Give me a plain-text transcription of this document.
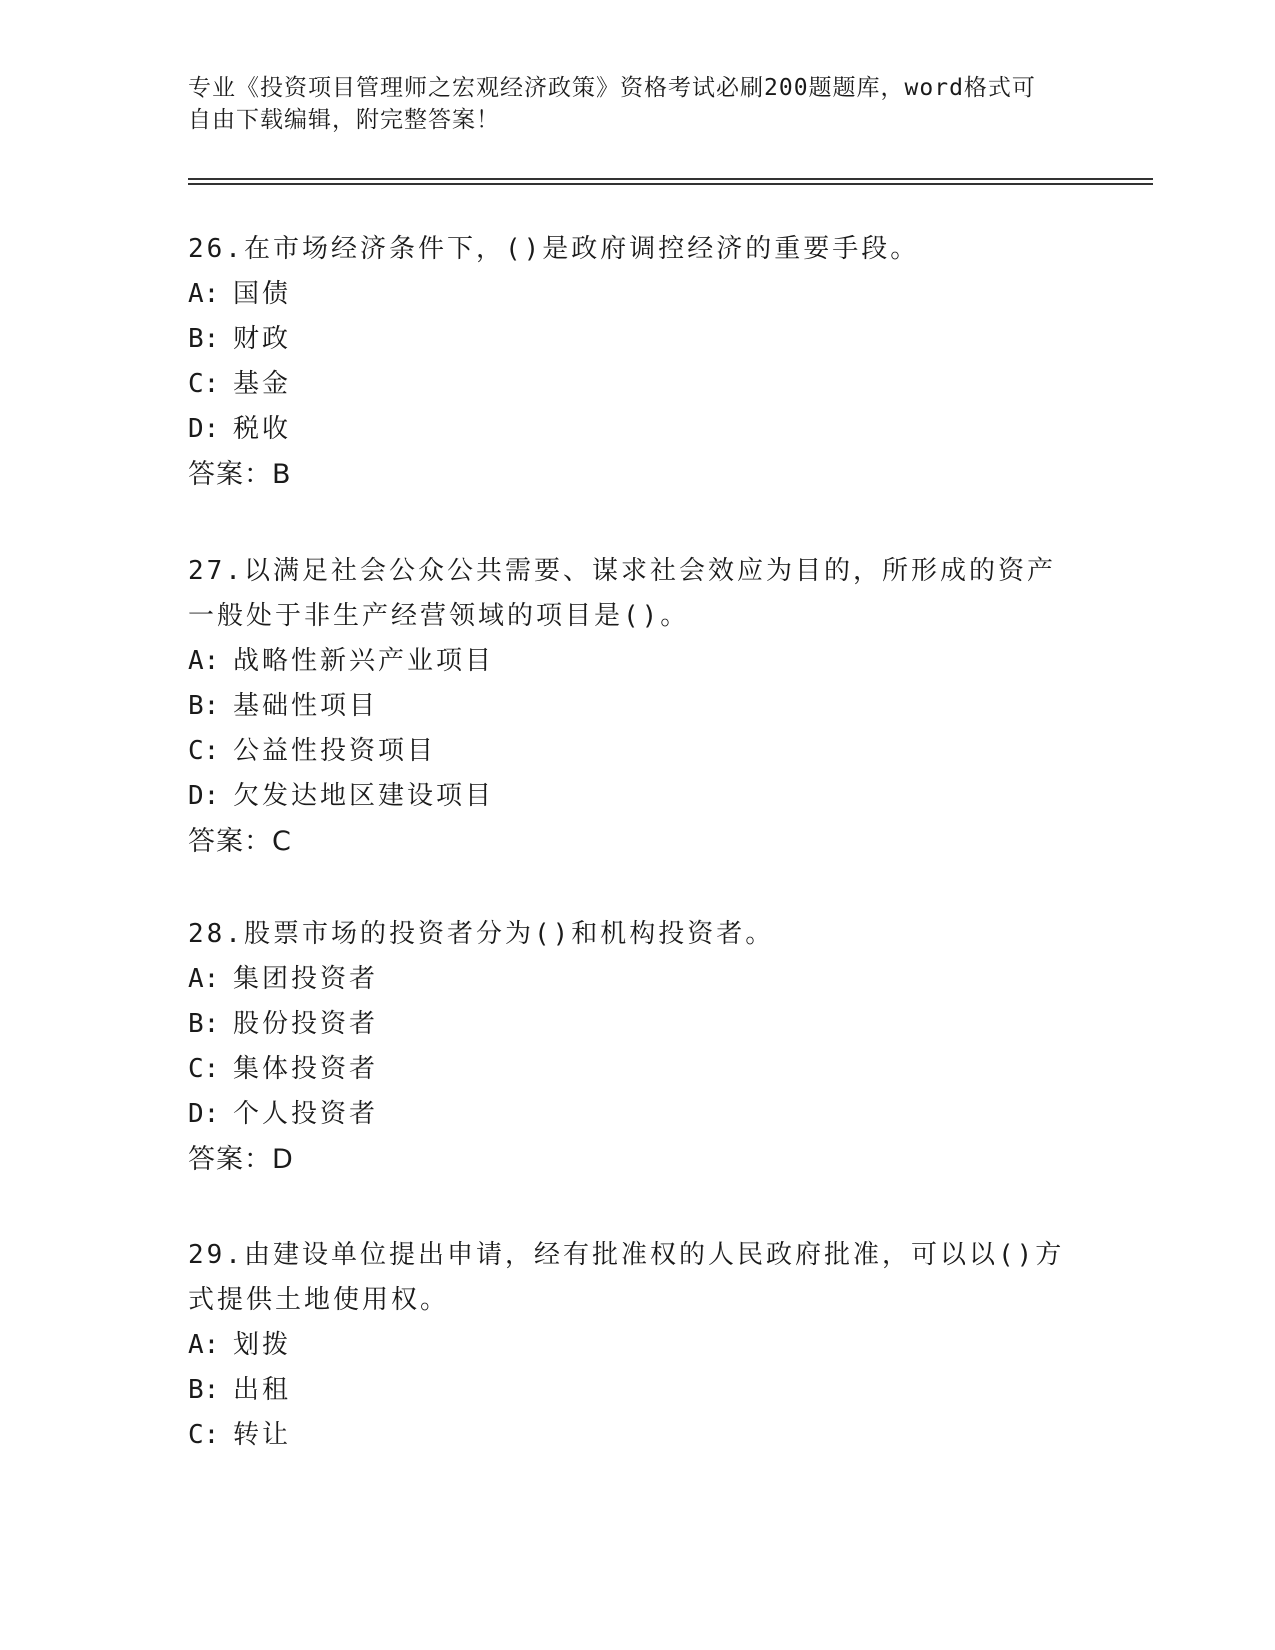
专业《投资项目管理师之宏观经济政策》资格考试必刷200题题库，word格式可
自由下载编辑，附完整答案！
26.在市场经济条件下，()是政府调控经济的重要手段。
A: 国债
B: 财政
C: 基金
D: 税收
答案：B
27.以满足社会公众公共需要、谋求社会效应为目的，所形成的资产一般处于非生产经营领域的项目是()。
A: 战略性新兴产业项目
B: 基础性项目
C: 公益性投资项目
D: 欠发达地区建设项目
答案：C
28.股票市场的投资者分为()和机构投资者。
A: 集团投资者
B: 股份投资者
C: 集体投资者
D: 个人投资者
答案：D
29.由建设单位提出申请，经有批准权的人民政府批准，可以以()方式提供土地使用权。
A: 划拨
B: 出租
C: 转让
